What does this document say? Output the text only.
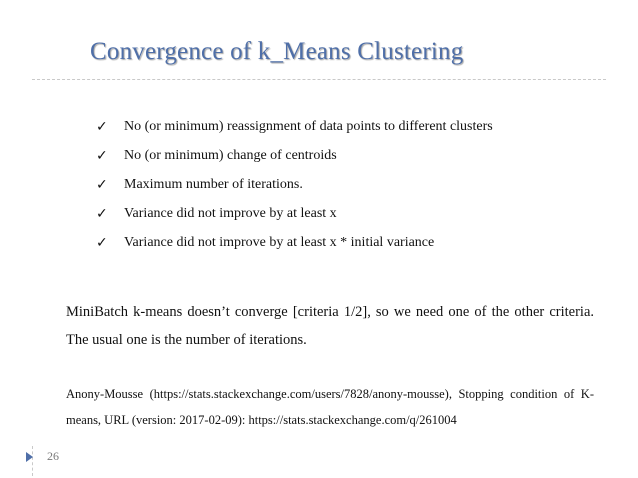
Convergence of k_Means Clustering
✓	No (or minimum) reassignment of data points to different clusters
✓	No (or minimum) change of centroids
✓	Maximum number of iterations.
✓	Variance did not improve by at least x
✓	Variance did not improve by at least x * initial variance

MiniBatch k-means doesn’t converge [criteria 1/2], so we need one of the other criteria. The usual one is the number of iterations.

Anony-Mousse (https://stats.stackexchange.com/users/7828/anony-mousse), Stopping condition of K-means, URL (version: 2017-02-09): https://stats.stackexchange.com/q/261004

26
